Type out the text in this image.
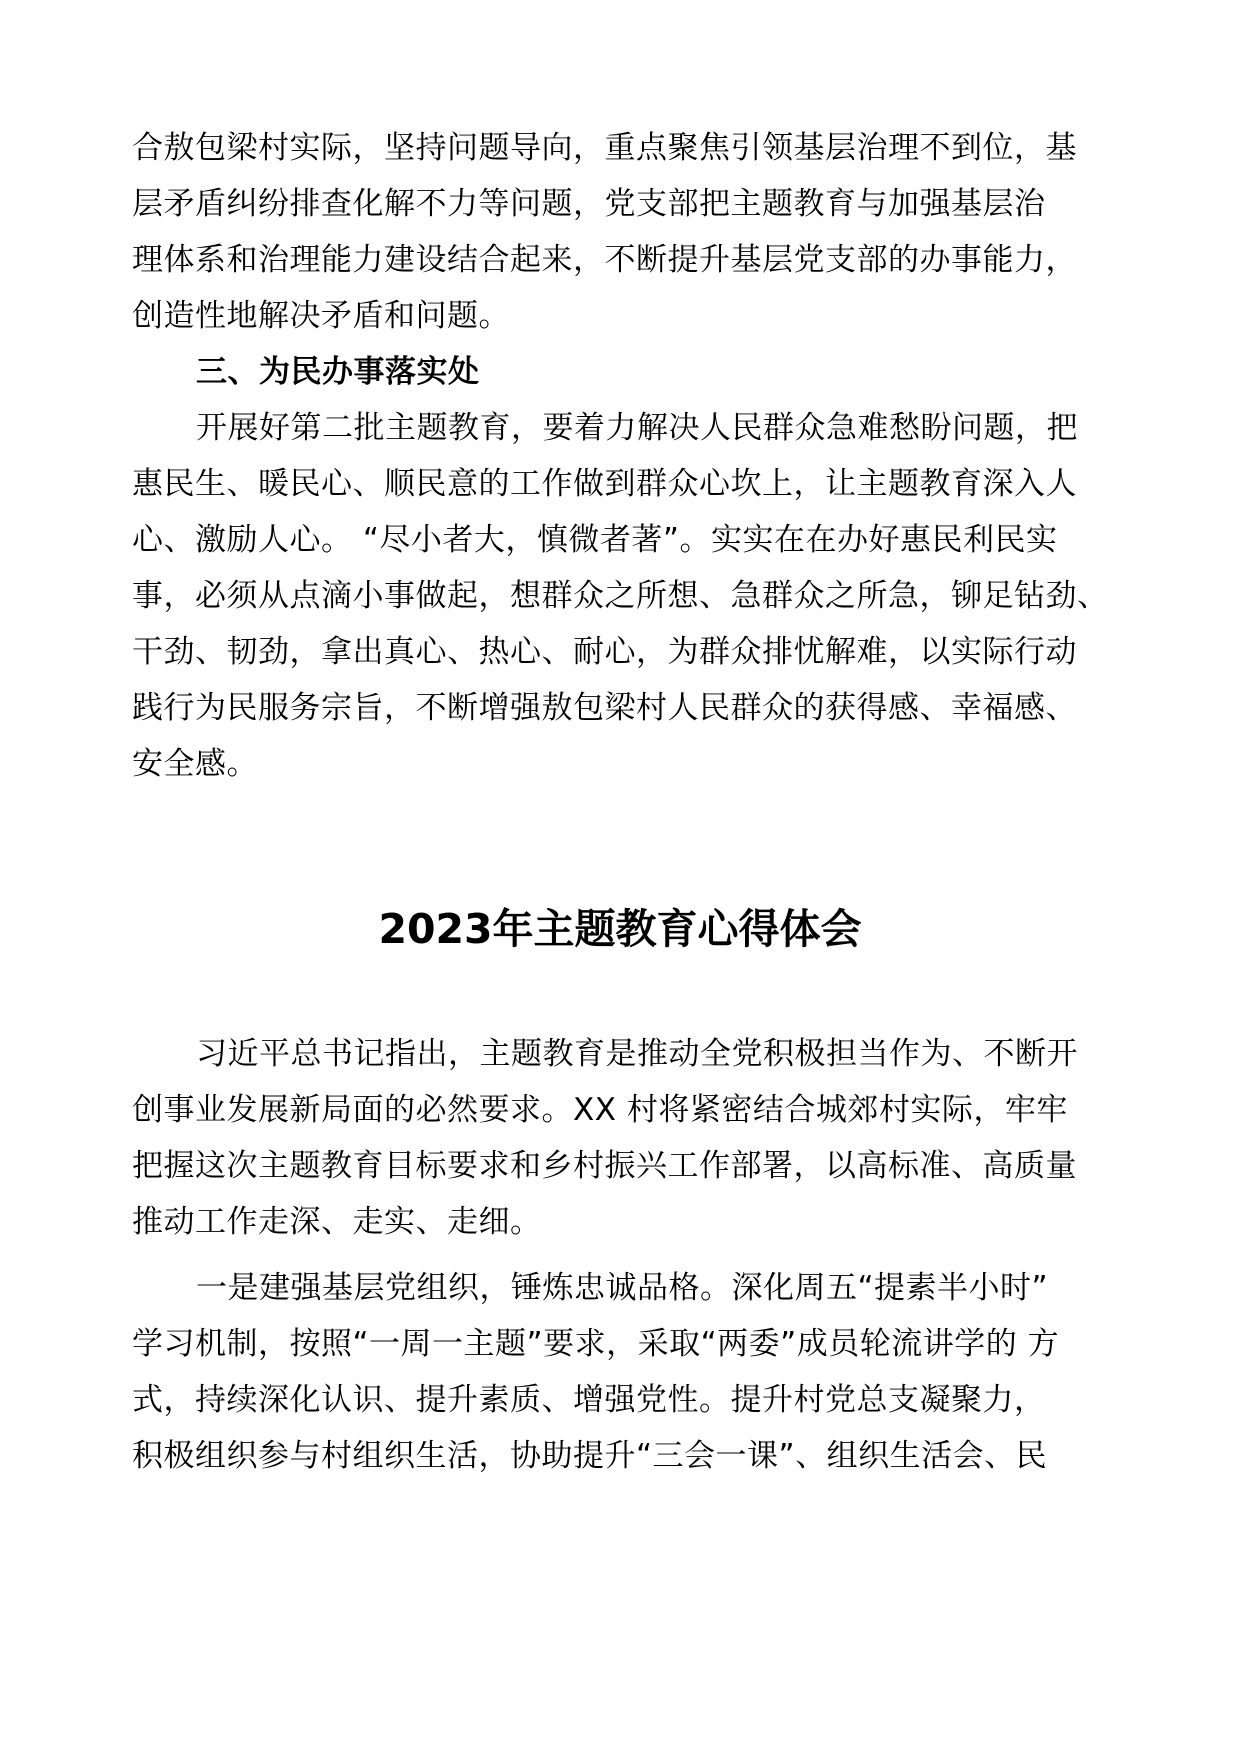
合敖包梁村实际，坚持问题导向，重点聚焦引领基层治理不到位，基
层矛盾纠纷排查化解不力等问题，党支部把主题教育与加强基层治
理体系和治理能力建设结合起来，不断提升基层党支部的办事能力，
创造性地解决矛盾和问题。
三、为民办事落实处
开展好第二批主题教育，要着力解决人民群众急难愁盼问题，把
惠民生、暖民心、顺民意的工作做到群众心坎上，让主题教育深入人
心、激励人心。 “尽小者大，慎微者著”。实实在在办好惠民利民实
事，必须从点滴小事做起，想群众之所想、急群众之所急，铆足钻劲、
干劲、韧劲，拿出真心、热心、耐心，为群众排忧解难，以实际行动
践行为民服务宗旨，不断增强敖包梁村人民群众的获得感、幸福感、
安全感。
2023年主题教育心得体会
习近平总书记指出，主题教育是推动全党积极担当作为、不断开
创事业发展新局面的必然要求。XX 村将紧密结合城郊村实际，牢牢
把握这次主题教育目标要求和乡村振兴工作部署，以高标准、高质量
推动工作走深、走实、走细。
一是建强基层党组织，锤炼忠诚品格。深化周五“提素半小时”
学习机制，按照“一周一主题”要求，采取“两委”成员轮流讲学的 方
式，持续深化认识、提升素质、增强党性。提升村党总支凝聚力，
积极组织参与村组织生活，协助提升“三会一课”、组织生活会、民
